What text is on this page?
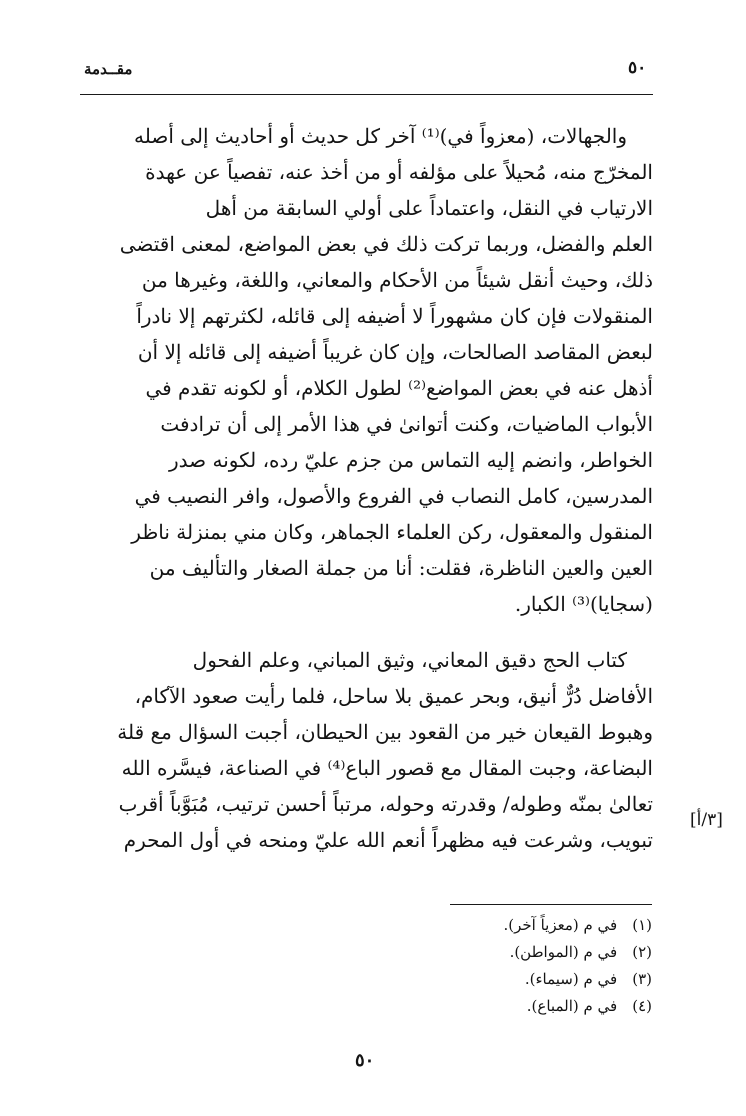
٥٠
مقــدمة
والجهالات، (معزواً في)⁽¹⁾ آخر كل حديث أو أحاديث إلى أصله
المخرّج منه، مُحيلاً على مؤلفه أو من أخذ عنه، تفصياً عن عهدة
الارتياب في النقل، واعتماداً على أولي السابقة من أهل
العلم والفضل، وربما تركت ذلك في بعض المواضع، لمعنى اقتضى
ذلك، وحيث أنقل شيئاً من الأحكام والمعاني، واللغة، وغيرها من
المنقولات فإن كان مشهوراً لا أضيفه إلى قائله، لكثرتهم إلا نادراً
لبعض المقاصد الصالحات، وإن كان غريباً أضيفه إلى قائله إلا أن
أذهل عنه في بعض المواضع⁽²⁾ لطول الكلام، أو لكونه تقدم في
الأبواب الماضيات، وكنت أتوانىٰ في هذا الأمر إلى أن ترادفت
الخواطر، وانضم إليه التماس من جزم عليّ رده، لكونه صدر
المدرسين، كامل النصاب في الفروع والأصول، وافر النصيب في
المنقول والمعقول، ركن العلماء الجماهر، وكان مني بمنزلة ناظر
العين والعين الناظرة، فقلت: أنا من جملة الصغار والتأليف من
(سجايا)⁽³⁾ الكبار.
كتاب الحج دقيق المعاني، وثيق المباني، وعلم الفحول
الأفاضل دُرٌّ أنيق، وبحر عميق بلا ساحل، فلما رأيت صعود الآكام،
وهبوط القيعان خير من القعود بين الحيطان، أجبت السؤال مع قلة
البضاعة، وجبت المقال مع قصور الباع⁽⁴⁾ في الصناعة، فيسَّره الله
تعالىٰ بمنّه وطوله/ وقدرته وحوله، مرتباً أحسن ترتيب، مُبَوَّباً أقرب
تبويب، وشرعت فيه مظهراً أنعم الله عليّ ومنحه في أول المحرم
[٣/أ]
(١) في م (معزياً آخر).
(٢) في م (المواطن).
(٣) في م (سيماء).
(٤) في م (المباع).
٥٠
